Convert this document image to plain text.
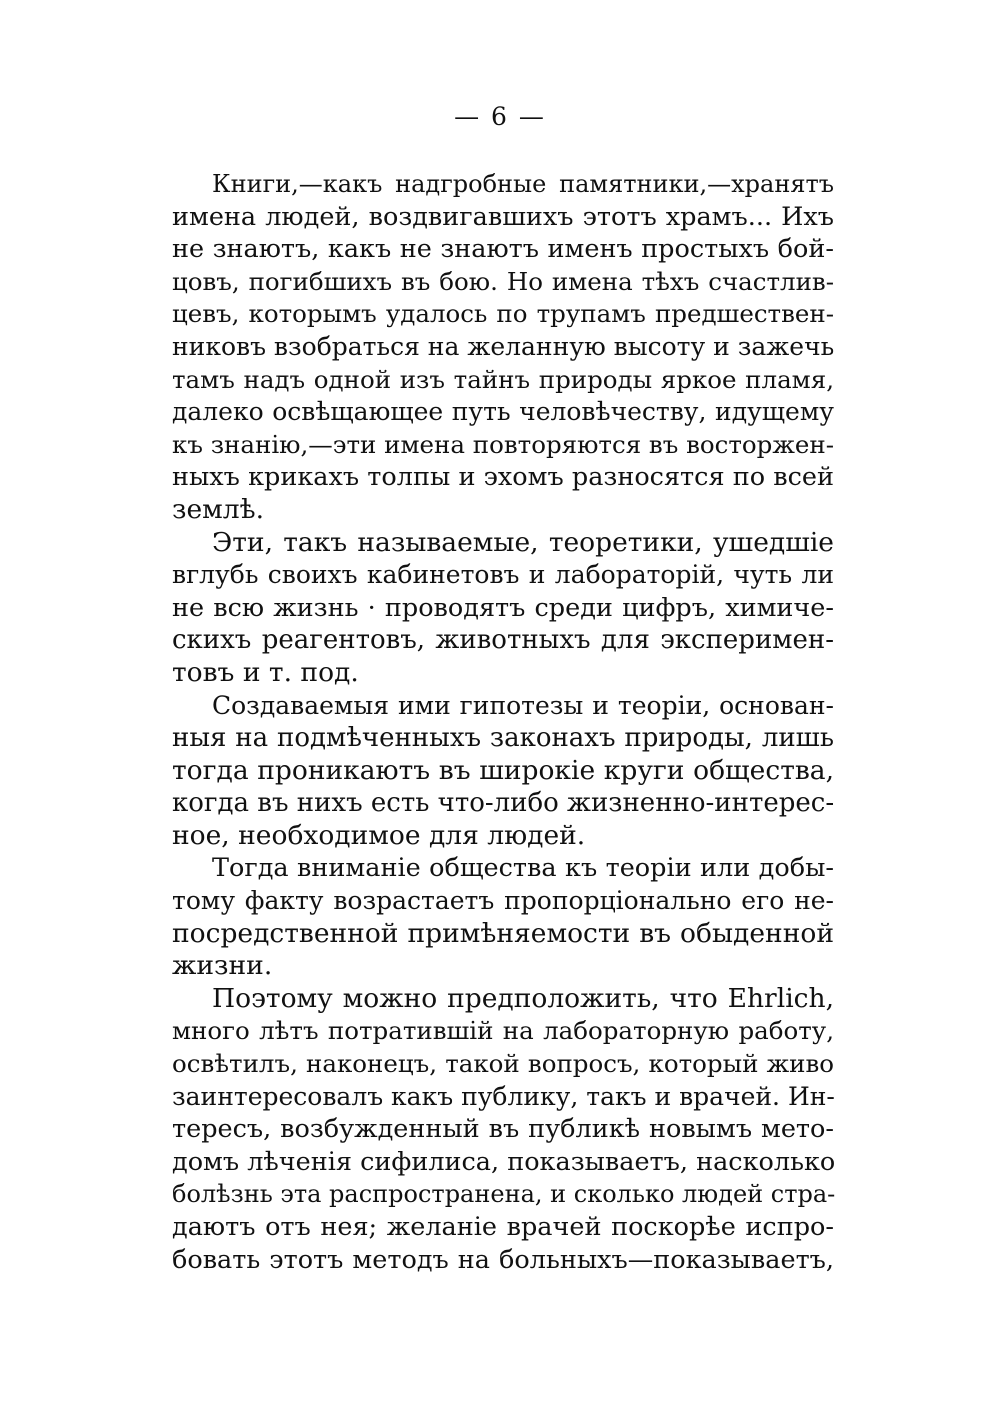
— 6 —
Книги,—какъ надгробные памятники,—хранятъ
имена людей, воздвигавшихъ этотъ храмъ... Ихъ
не знаютъ, какъ не знаютъ именъ простыхъ бой-
цовъ, погибшихъ въ бою. Но имена тѣхъ счастлив-
цевъ, которымъ удалось по трупамъ предшествен-
никовъ взобраться на желанную высоту и зажечь
тамъ надъ одной изъ тайнъ природы яркое пламя,
далеко освѣщающее путь человѣчеству, идущему
къ знанію,—эти имена повторяются въ восторжен-
ныхъ крикахъ толпы и эхомъ разносятся по всей
землѣ.
Эти, такъ называемые, теоретики, ушедшіе
вглубь своихъ кабинетовъ и лабораторій, чуть ли
не всю жизнь · проводятъ среди цифръ, химиче-
скихъ реагентовъ, животныхъ для эксперимен-
товъ и т. под.
Создаваемыя ими гипотезы и теоріи, основан-
ныя на подмѣченныхъ законахъ природы, лишь
тогда проникаютъ въ широкіе круги общества,
когда въ нихъ есть что-либо жизненно-интерес-
ное, необходимое для людей.
Тогда вниманіе общества къ теоріи или добы-
тому факту возрастаетъ пропорціонально его не-
посредственной примѣняемости въ обыденной
жизни.
Поэтому можно предположить, что Ehrlich,
много лѣтъ потратившій на лабораторную работу,
освѣтилъ, наконецъ, такой вопросъ, который живо
заинтересовалъ какъ публику, такъ и врачей. Ин-
тересъ, возбужденный въ публикѣ новымъ мето-
домъ лѣченія сифилиса, показываетъ, насколько
болѣзнь эта распространена, и сколько людей стра-
даютъ отъ нея; желаніе врачей поскорѣе испро-
бовать этотъ методъ на больныхъ—показываетъ,
